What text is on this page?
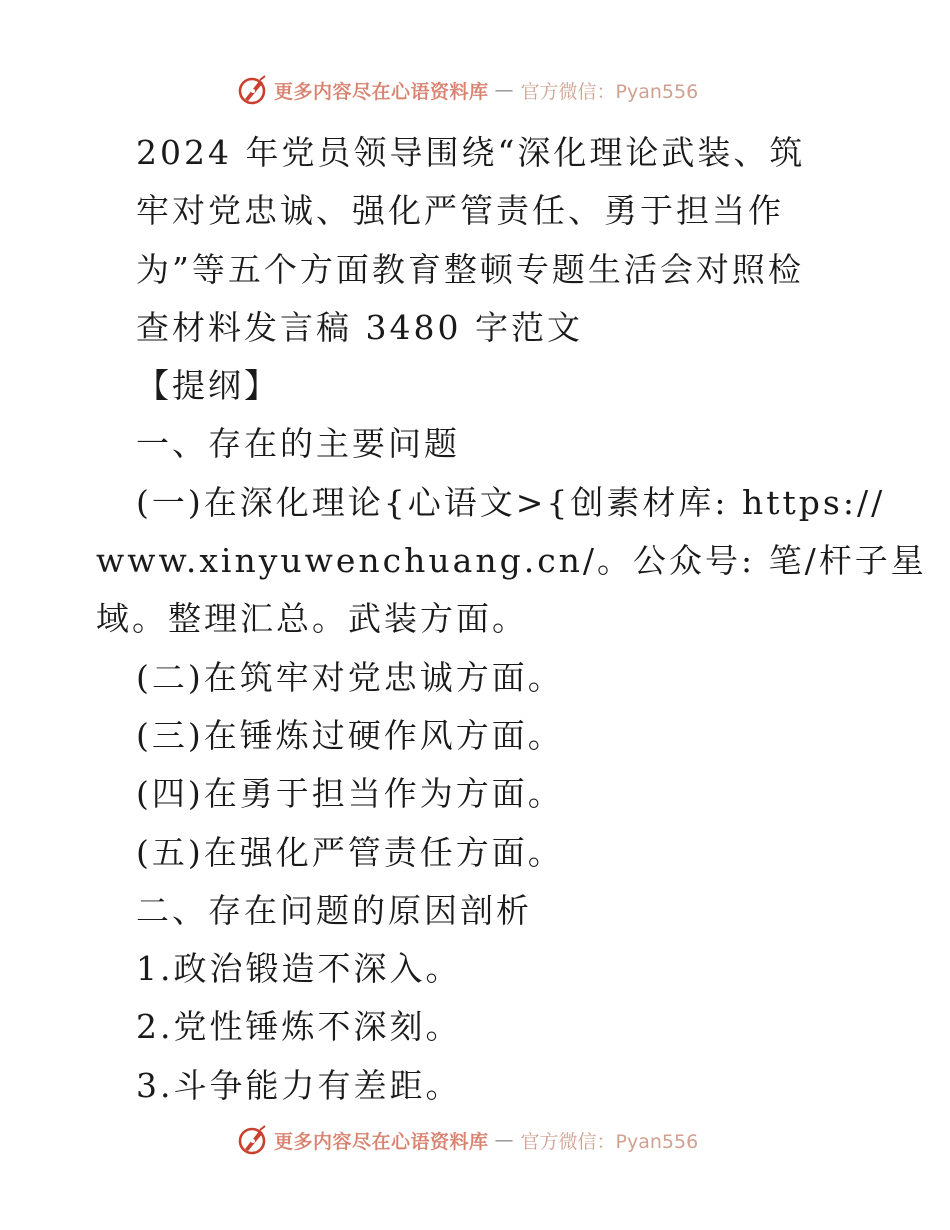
更多内容尽在心语资料库 — 官方微信：Pyan556
2024 年党员领导围绕“深化理论武装、筑
牢对党忠诚、强化严管责任、勇于担当作
为”等五个方面教育整顿专题生活会对照检
查材料发言稿 3480 字范文
【提纲】
一、存在的主要问题
(一)在深化理论{心语文>{创素材库: https://
www.xinyuwenchuang.cn/。公众号: 笔/杆子星
域。整理汇总。武装方面。
(二)在筑牢对党忠诚方面。
(三)在锤炼过硬作风方面。
(四)在勇于担当作为方面。
(五)在强化严管责任方面。
二、存在问题的原因剖析
1.政治锻造不深入。
2.党性锤炼不深刻。
3.斗争能力有差距。
更多内容尽在心语资料库 — 官方微信：Pyan556
